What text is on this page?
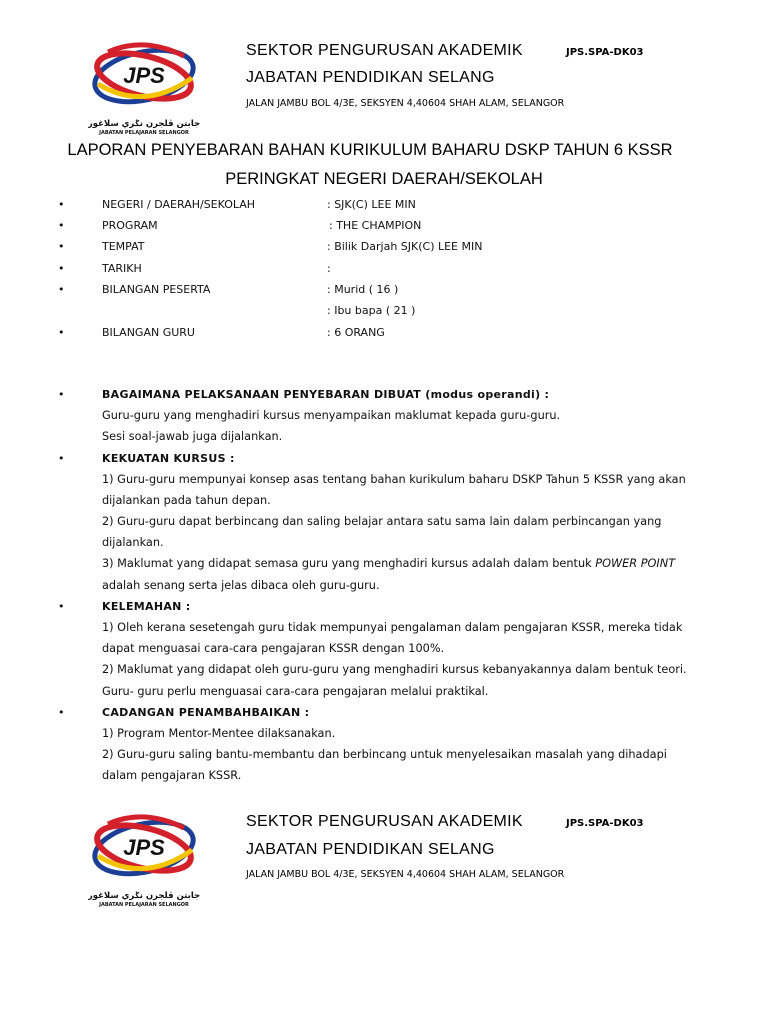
JPS
جابتن ڤلجرن نݢري سلاغور
JABATAN PELAJARAN SELANGOR
SEKTOR PENGURUSAN AKADEMIK	JPS.SPA-DK03
JABATAN PENDIDIKAN SELANG
JALAN JAMBU BOL 4/3E, SEKSYEN 4,40604 SHAH ALAM, SELANGOR
LAPORAN PENYEBARAN BAHAN KURIKULUM BAHARU DSKP TAHUN 6 KSSR
PERINGKAT NEGERI DAERAH/SEKOLAH
•	NEGERI / DAERAH/SEKOLAH	: SJK(C) LEE MIN
•	PROGRAM	: THE CHAMPION
•	TEMPAT	: Bilik Darjah SJK(C) LEE MIN
•	TARIKH	:
•	BILANGAN PESERTA	: Murid ( 16 )
: Ibu bapa ( 21 )
•	BILANGAN GURU	: 6 ORANG
•	BAGAIMANA PELAKSANAAN PENYEBARAN DIBUAT (modus operandi) :
Guru-guru yang menghadiri kursus menyampaikan maklumat kepada guru-guru.
Sesi soal-jawab juga dijalankan.
•	KEKUATAN KURSUS :
1) Guru-guru mempunyai konsep asas tentang bahan kurikulum baharu DSKP Tahun 5 KSSR yang akan
dijalankan pada tahun depan.
2) Guru-guru dapat berbincang dan saling belajar antara satu sama lain dalam perbincangan yang
dijalankan.
3) Maklumat yang didapat semasa guru yang menghadiri kursus adalah dalam bentuk POWER POINT
adalah senang serta jelas dibaca oleh guru-guru.
•	KELEMAHAN :
1) Oleh kerana sesetengah guru tidak mempunyai pengalaman dalam pengajaran KSSR, mereka tidak
dapat menguasai cara-cara pengajaran KSSR dengan 100%.
2) Maklumat yang didapat oleh guru-guru yang menghadiri kursus kebanyakannya dalam bentuk teori.
Guru- guru perlu menguasai cara-cara pengajaran melalui praktikal.
•	CADANGAN PENAMBAHBAIKAN :
1) Program Mentor-Mentee dilaksanakan.
2) Guru-guru saling bantu-membantu dan berbincang untuk menyelesaikan masalah yang dihadapi
dalam pengajaran KSSR.
JPS
جابتن ڤلجرن نݢري سلاغور
JABATAN PELAJARAN SELANGOR
SEKTOR PENGURUSAN AKADEMIK	JPS.SPA-DK03
JABATAN PENDIDIKAN SELANG
JALAN JAMBU BOL 4/3E, SEKSYEN 4,40604 SHAH ALAM, SELANGOR
